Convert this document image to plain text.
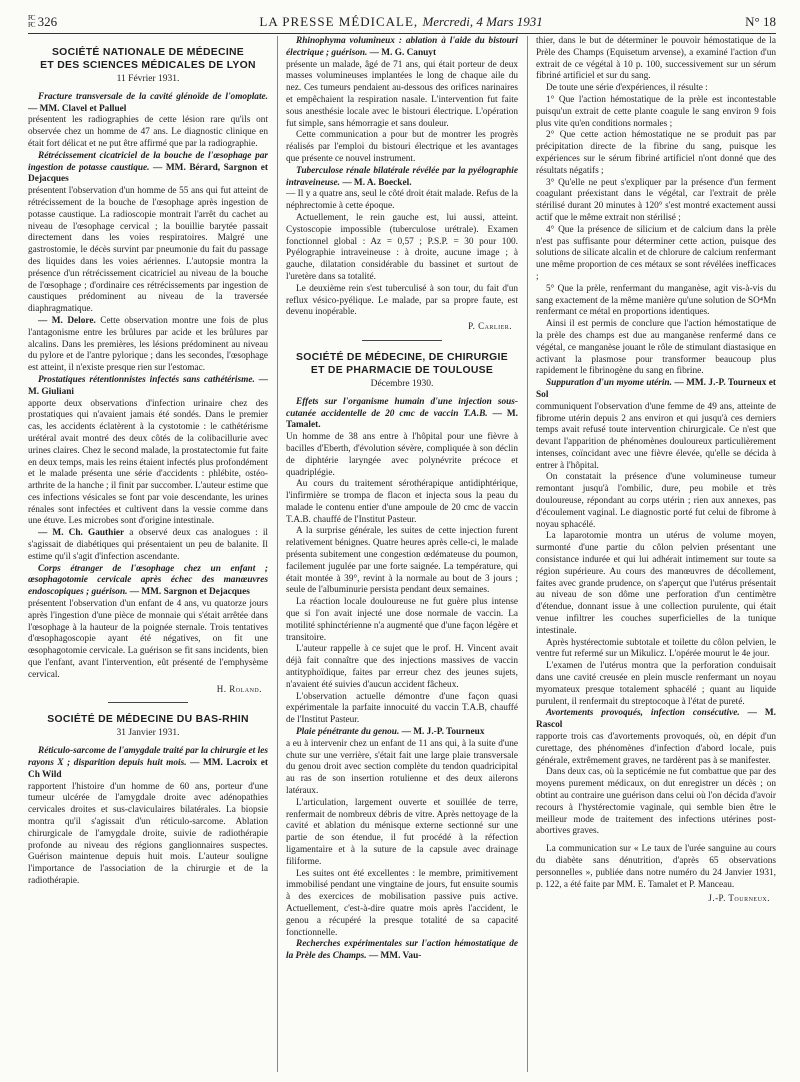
FC
FC 326	LA PRESSE MÉDICALE, Mercredi, 4 Mars 1931	N° 18
SOCIÉTÉ NATIONALE DE MÉDECINE
ET DES SCIENCES MÉDICALES DE LYON
11 Février 1931.

Fracture transversale de la cavité glénoïde de l'omoplate. — MM. Clavel et Palluel

présentent les radiographies de cette lésion rare qu'ils ont observée chez un homme de 47 ans. Le diagnostic clinique en était fort délicat et ne put être affirmé que par la radiographie.

Rétrécissement cicatriciel de la bouche de l'œsophage par ingestion de potasse caustique. — MM. Bérard, Sargnon et Dejacques

présentent l'observation d'un homme de 55 ans qui fut atteint de rétrécissement de la bouche de l'œsophage après ingestion de potasse caustique. La radioscopie montrait l'arrêt du cachet au niveau de l'œsophage cervical ; la bouillie barytée passait directement dans les voies respiratoires. Malgré une gastrostomie, le décès survint par pneumonie du fait du passage des liquides dans les voies aériennes. L'autopsie montra la présence d'un rétrécissement cicatriciel au niveau de la bouche de l'œsophage ; d'ordinaire ces rétrécissements par ingestion de caustiques prédominent au niveau de la traversée diaphragmatique.

— M. Delore. Cette observation montre une fois de plus l'antagonisme entre les brûlures par acide et les brûlures par alcalins. Dans les premières, les lésions prédominent au niveau du pylore et de l'antre pylorique ; dans les secondes, l'œsophage est atteint, il n'existe presque rien sur l'estomac.

Prostatiques rétentionnistes infectés sans cathétérisme. — M. Giuliani

apporte deux observations d'infection urinaire chez des prostatiques qui n'avaient jamais été sondés. Dans le premier cas, les accidents éclatèrent à la cystotomie : le cathétérisme urétéral avait montré des deux côtés de la colibacillurie avec urines claires. Chez le second malade, la prostatectomie fut faite en deux temps, mais les reins étaient infectés plus profondément et le malade présenta une série d'accidents : phlébite, ostéo-arthrite de la hanche ; il finit par succomber. L'auteur estime que ces infections vésicales se font par voie descendante, les urines rénales sont infectées et cultivent dans la vessie comme dans une étuve. Les microbes sont d'origine intestinale.

— M. Ch. Gauthier a observé deux cas analogues : il s'agissait de diabétiques qui présentaient un peu de balanite. Il estime qu'il s'agit d'infection ascendante.

Corps étranger de l'œsophage chez un enfant ; œsophagotomie cervicale après échec des manœuvres endoscopiques ; guérison. — MM. Sargnon et Dejacques

présentent l'observation d'un enfant de 4 ans, vu quatorze jours après l'ingestion d'une pièce de monnaie qui s'était arrêtée dans l'œsophage à la hauteur de la poignée sternale. Trois tentatives d'œsophagoscopie ayant été négatives, on fit une œsophagotomie cervicale. La guérison se fit sans incidents, bien que l'enfant, avant l'intervention, eût présenté de l'emphysème cervical.

H. Roland.
SOCIÉTÉ DE MÉDECINE DU BAS-RHIN
31 Janvier 1931.

Réticulo-sarcome de l'amygdale traité par la chirurgie et les rayons X ; disparition depuis huit mois. — MM. Lacroix et Ch Wild

rapportent l'histoire d'un homme de 60 ans, porteur d'une tumeur ulcérée de l'amygdale droite avec adénopathies cervicales droites et sus-claviculaires bilatérales. La biopsie montra qu'il s'agissait d'un réticulo-sarcome. Ablation chirurgicale de l'amygdale droite, suivie de radiothérapie profonde au niveau des régions ganglionnaires suspectes. Guérison maintenue depuis huit mois. L'auteur souligne l'importance de l'association de la chirurgie et de la radiothérapie.

Rhinophyma volumineux : ablation à l'aide du bistouri électrique ; guérison. — M. G. Canuyt

présente un malade, âgé de 71 ans, qui était porteur de deux masses volumineuses implantées le long de chaque aile du nez. Ces tumeurs pendaient au-dessous des orifices narinaires et empêchaient la respiration nasale. L'intervention fut faite sous anesthésie locale avec le bistouri électrique. L'opération fut simple, sans hémorragie et sans douleur.

Cette communication a pour but de montrer les progrès réalisés par l'emploi du bistouri électrique et les avantages que présente ce nouvel instrument.

Tuberculose rénale bilatérale révélée par la pyélographie intraveineuse. — M. A. Boeckel.

— Il y a quatre ans, seul le côté droit était malade. Refus de la néphrectomie à cette époque.

Actuellement, le rein gauche est, lui aussi, atteint. Cystoscopie impossible (tuberculose urétrale). Examen fonctionnel global : Az = 0,57 ; P.S.P. = 30 pour 100. Pyélographie intraveineuse : à droite, aucune image ; à gauche, dilatation considérable du bassinet et surtout de l'uretère dans sa totalité.

Le deuxième rein s'est tuberculisé à son tour, du fait d'un reflux vésico-pyélique. Le malade, par sa propre faute, est devenu inopérable.

P. Carlier.
SOCIÉTÉ DE MÉDECINE, DE CHIRURGIE
ET DE PHARMACIE DE TOULOUSE
Décembre 1930.

Effets sur l'organisme humain d'une injection sous-cutanée accidentelle de 20 cmc de vaccin T.A.B. — M. Tamalet.

Un homme de 38 ans entre à l'hôpital pour une fièvre à bacilles d'Eberth, d'évolution sévère, compliquée à son déclin de diphtérie laryngée avec polynévrite précoce et quadriplégie.

Au cours du traitement sérothérapique antidiphtérique, l'infirmière se trompa de flacon et injecta sous la peau du malade le contenu entier d'une ampoule de 20 cmc de vaccin T.A.B. chauffé de l'Institut Pasteur.

A la surprise générale, les suites de cette injection furent relativement bénignes. Quatre heures après celle-ci, le malade présenta subitement une congestion œdémateuse du poumon, facilement jugulée par une forte saignée. La température, qui était montée à 39°, revint à la normale au bout de 3 jours ; seule de l'albuminurie persista pendant deux semaines.

La réaction locale douloureuse ne fut guère plus intense que si l'on avait injecté une dose normale de vaccin. La motilité sphinctérienne n'a augmenté que d'une façon légère et transitoire.

L'auteur rappelle à ce sujet que le prof. H. Vincent avait déjà fait connaître que des injections massives de vaccin antityphoïdique, faites par erreur chez des jeunes sujets, n'avaient été suivies d'aucun accident fâcheux.

L'observation actuelle démontre d'une façon quasi expérimentale la parfaite innocuité du vaccin T.A.B, chauffé de l'Institut Pasteur.

Plaie pénétrante du genou. — M. J.-P. Tourneux

a eu à intervenir chez un enfant de 11 ans qui, à la suite d'une chute sur une verrière, s'était fait une large plaie transversale du genou droit avec section complète du tendon quadricipital au ras de son insertion rotulienne et des deux ailerons latéraux.

L'articulation, largement ouverte et souillée de terre, renfermait de nombreux débris de vitre. Après nettoyage de la cavité et ablation du ménisque externe sectionné sur une partie de son étendue, il fut procédé à la réfection ligamentaire et à la suture de la capsule avec drainage filiforme.

Les suites ont été excellentes : le membre, primitivement immobilisé pendant une vingtaine de jours, fut ensuite soumis à des exercices de mobilisation passive puis active. Actuellement, c'est-à-dire quatre mois après l'accident, le genou a récupéré la presque totalité de sa capacité fonctionnelle.

Recherches expérimentales sur l'action hémostatique de la Prèle des Champs. — MM. Vau-

thier, dans le but de déterminer le pouvoir hémostatique de la Prèle des Champs (Equisetum arvense), a examiné l'action d'un extrait de ce végétal à 10 p. 100, successivement sur un sérum fibriné artificiel et sur du sang.

De toute une série d'expériences, il résulte :

1° Que l'action hémostatique de la prèle est incontestable puisqu'un extrait de cette plante coagule le sang environ 9 fois plus vite qu'en conditions normales ;

2° Que cette action hémostatique ne se produit pas par précipitation directe de la fibrine du sang, puisque les expériences sur le sérum fibriné artificiel n'ont donné que des résultats négatifs ;

3° Qu'elle ne peut s'expliquer par la présence d'un ferment coagulant préexistant dans le végétal, car l'extrait de prèle stérilisé durant 20 minutes à 120° s'est montré exactement aussi actif que le même extrait non stérilisé ;

4° Que la présence de silicium et de calcium dans la prèle n'est pas suffisante pour déterminer cette action, puisque des solutions de silicate alcalin et de chlorure de calcium renfermant une même proportion de ces métaux se sont révélées inefficaces ;

5° Que la prèle, renfermant du manganèse, agit vis-à-vis du sang exactement de la même manière qu'une solution de SO⁴Mn renfermant ce métal en proportions identiques.

Ainsi il est permis de conclure que l'action hémostatique de la prèle des champs est due au manganèse renfermé dans ce végétal, ce manganèse jouant le rôle de stimulant diastasique en activant la plasmose pour transformer beaucoup plus rapidement le fibrinogène du sang en fibrine.

Suppuration d'un myome utérin. — MM. J.-P. Tourneux et Sol

communiquent l'observation d'une femme de 49 ans, atteinte de fibrome utérin depuis 2 ans environ et qui jusqu'à ces derniers temps avait refusé toute intervention chirurgicale. Ce n'est que devant l'apparition de phénomènes douloureux particulièrement intenses, coïncidant avec une fièvre élevée, qu'elle se décida à entrer à l'hôpital.

On constatait la présence d'une volumineuse tumeur remontant jusqu'à l'ombilic, dure, peu mobile et très douloureuse, répondant au corps utérin ; rien aux annexes, pas d'écoulement vaginal. Le diagnostic porté fut celui de fibrome à noyau sphacélé.

La laparotomie montra un utérus de volume moyen, surmonté d'une partie du côlon pelvien présentant une consistance indurée et qui lui adhérait intimement sur toute sa région supérieure. Au cours des manœuvres de décollement, faites avec grande prudence, on s'aperçut que l'utérus présentait au niveau de son dôme une perforation d'un centimètre d'étendue, donnant issue à une collection purulente, qui était venue infiltrer les couches superficielles de la tunique intestinale.

Après hystérectomie subtotale et toilette du côlon pelvien, le ventre fut refermé sur un Mikulicz. L'opérée mourut le 4e jour.

L'examen de l'utérus montra que la perforation conduisait dans une cavité creusée en plein muscle renfermant un noyau myomateux presque totalement sphacélé ; quant au liquide purulent, il renfermait du streptocoque à l'état de pureté.

Avortements provoqués, infection consécutive. — M. Rascol

rapporte trois cas d'avortements provoqués, où, en dépit d'un curettage, des phénomènes d'infection d'abord locale, puis générale, extrêmement graves, ne tardèrent pas à se manifester.

Dans deux cas, où la septicémie ne fut combattue que par des moyens purement médicaux, on dut enregistrer un décès ; on obtint au contraire une guérison dans celui où l'on décida d'avoir recours à l'hystérectomie vaginale, qui semble bien être le meilleur mode de traitement des infections utérines post-abortives graves.

La communication sur « Le taux de l'urée sanguine au cours du diabète sans dénutrition, d'après 65 observations personnelles », publiée dans notre numéro du 24 Janvier 1931, p. 122, a été faite par MM. E. Tamalet et P. Manceau.

J.-P. Tourneux.
